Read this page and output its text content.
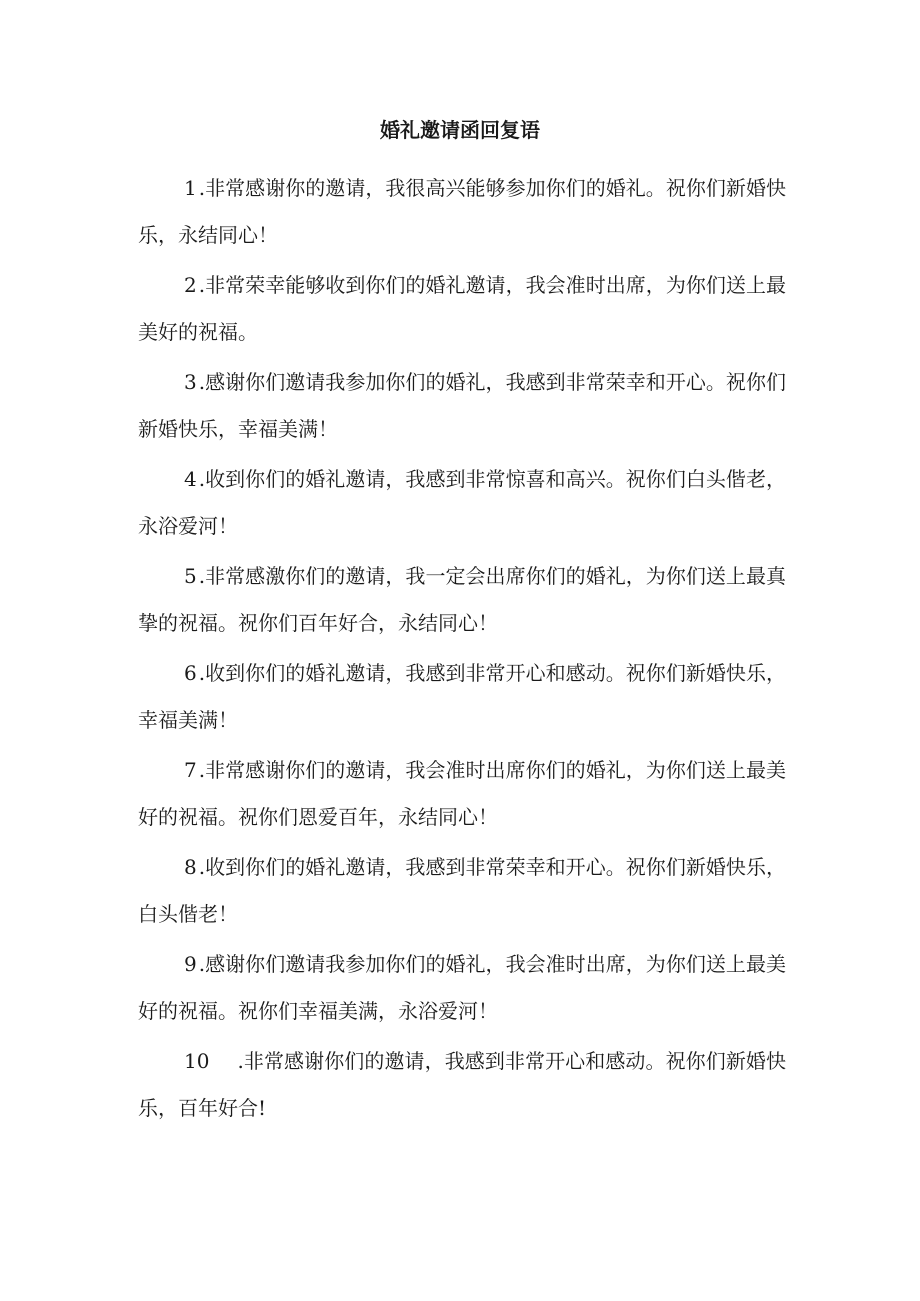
婚礼邀请函回复语
1.非常感谢你的邀请，我很高兴能够参加你们的婚礼。祝你们新婚快乐，永结同心！
2.非常荣幸能够收到你们的婚礼邀请，我会准时出席，为你们送上最美好的祝福。
3.感谢你们邀请我参加你们的婚礼，我感到非常荣幸和开心。祝你们新婚快乐，幸福美满！
4.收到你们的婚礼邀请，我感到非常惊喜和高兴。祝你们白头偕老，永浴爱河！
5.非常感激你们的邀请，我一定会出席你们的婚礼，为你们送上最真挚的祝福。祝你们百年好合，永结同心！
6.收到你们的婚礼邀请，我感到非常开心和感动。祝你们新婚快乐，幸福美满！
7.非常感谢你们的邀请，我会准时出席你们的婚礼，为你们送上最美好的祝福。祝你们恩爱百年，永结同心！
8.收到你们的婚礼邀请，我感到非常荣幸和开心。祝你们新婚快乐，白头偕老！
9.感谢你们邀请我参加你们的婚礼，我会准时出席，为你们送上最美好的祝福。祝你们幸福美满，永浴爱河！
10 .非常感谢你们的邀请，我感到非常开心和感动。祝你们新婚快乐，百年好合!
